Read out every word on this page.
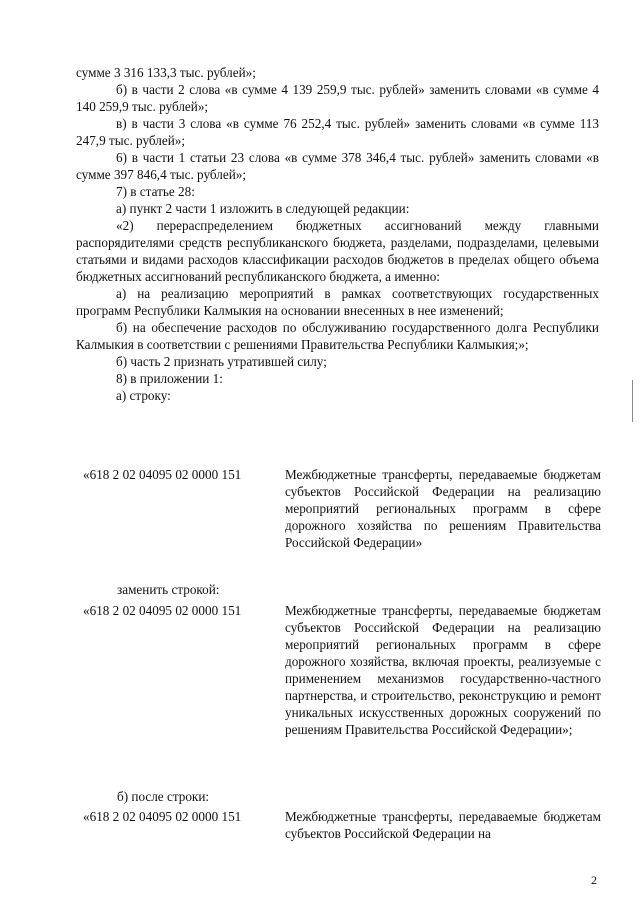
сумме 3 316 133,3 тыс. рублей»;

б) в части 2 слова «в сумме 4 139 259,9 тыс. рублей» заменить словами «в сумме 4 140 259,9 тыс. рублей»;

в) в части 3 слова «в сумме 76 252,4 тыс. рублей» заменить словами «в сумме 113 247,9 тыс. рублей»;

6) в части 1 статьи 23 слова «в сумме 378 346,4 тыс. рублей» заменить словами «в сумме 397 846,4 тыс. рублей»;

7) в статье 28:

а) пункт 2 части 1 изложить в следующей редакции:

«2) перераспределением бюджетных ассигнований между главными распорядителями средств республиканского бюджета, разделами, подразделами, целевыми статьями и видами расходов классификации расходов бюджетов в пределах общего объема бюджетных ассигнований республиканского бюджета, а именно:

а) на реализацию мероприятий в рамках соответствующих государственных программ Республики Калмыкия на основании внесенных в нее изменений;

б) на обеспечение расходов по обслуживанию государственного долга Республики Калмыкия в соответствии с решениями Правительства Республики Калмыкия;»;

б) часть 2 признать утратившей силу;

8) в приложении 1:

а) строку:

«618 2 02 04095 02 0000 151	Межбюджетные трансферты, передаваемые бюджетам субъектов Российской Федерации на реализацию мероприятий региональных программ в сфере дорожного хозяйства по решениям Правительства Российской Федерации»
заменить строкой:
«618 2 02 04095 02 0000 151	Межбюджетные трансферты, передаваемые бюджетам субъектов Российской Федерации на реализацию мероприятий региональных программ в сфере дорожного хозяйства, включая проекты, реализуемые с применением механизмов государственно-частного партнерства, и строительство, реконструкцию и ремонт уникальных искусственных дорожных сооружений по решениям Правительства Российской Федерации»;
б) после строки:
«618 2 02 04095 02 0000 151	Межбюджетные трансферты, передаваемые бюджетам субъектов Российской Федерации на
2
